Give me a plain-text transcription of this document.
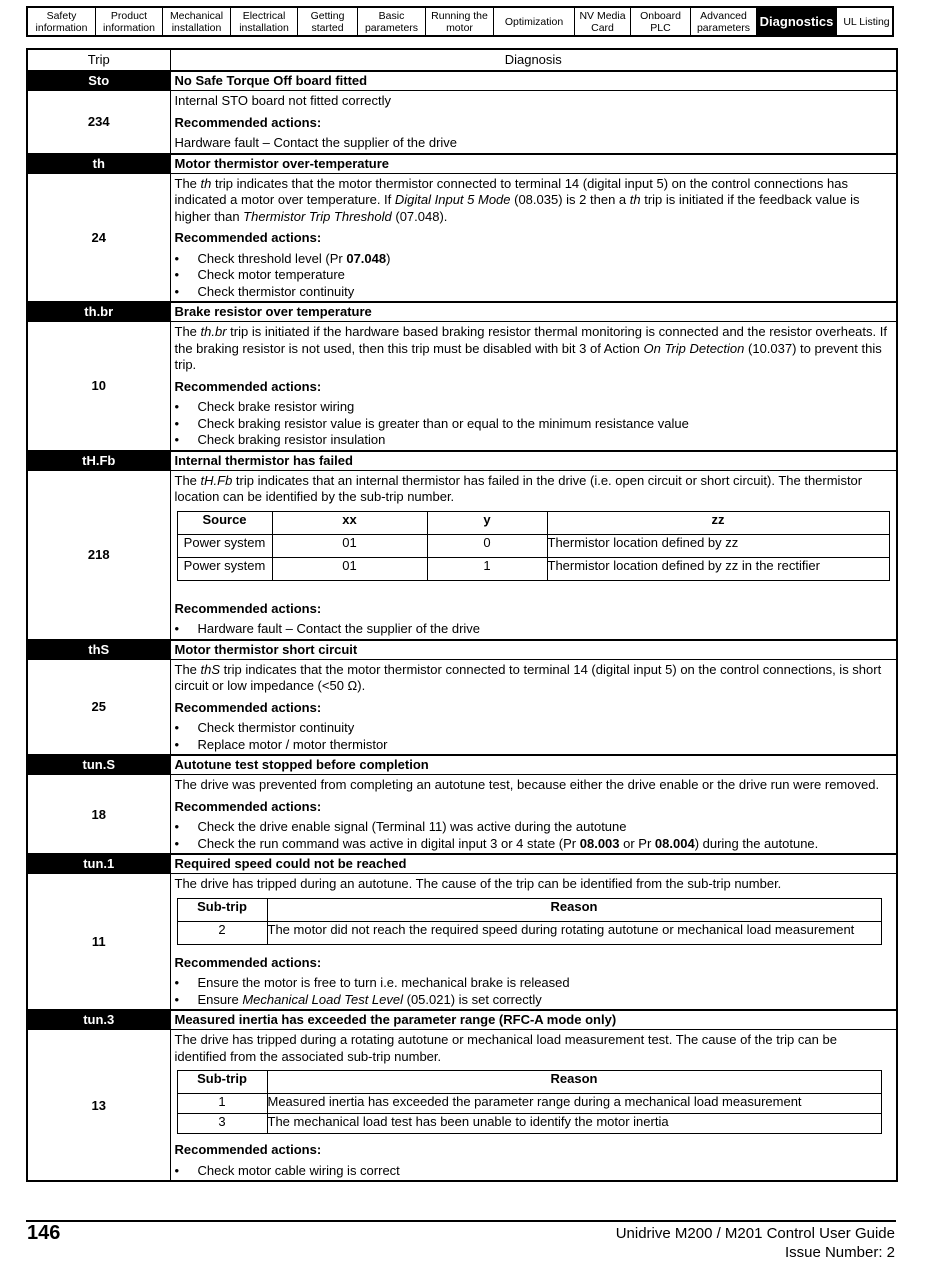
Safety
information
Product
information
Mechanical
installation
Electrical
installation
Getting
started
Basic
parameters
Running the
motor	Optimization	NV Media
Card
Onboard
PLC
Advanced
parameters Diagnostics UL Listing
Trip	Diagnosis
Sto	No Safe Torque Off board fitted
234	
Internal STO board not fitted correctly
Recommended actions:
Hardware fault – Contact the supplier of the drive

th	Motor thermistor over-temperature
24	
The th trip indicates that the motor thermistor connected to terminal 14 (digital input 5) on the control connections has indicated a motor over temperature. If Digital Input 5 Mode (08.035) is 2 then a th trip is initiated if the feedback value is higher than Thermistor Trip Threshold (07.048).
Recommended actions:
• Check threshold level (Pr 07.048)
• Check motor temperature
• Check thermistor continuity

th.br	Brake resistor over temperature
10	
The th.br trip is initiated if the hardware based braking resistor thermal monitoring is connected and the resistor overheats. If the braking resistor is not used, then this trip must be disabled with bit 3 of Action On Trip Detection (10.037) to prevent this trip.
Recommended actions:
• Check brake resistor wiring
• Check braking resistor value is greater than or equal to the minimum resistance value
• Check braking resistor insulation

tH.Fb	Internal thermistor has failed
218	
The tH.Fb trip indicates that an internal thermistor has failed in the drive (i.e. open circuit or short circuit). The thermistor location can be identified by the sub-trip number.
Source	xx	y	zz
Power system	01	0	Thermistor location defined by zz
Power system	01	1	Thermistor location defined by zz in the rectifier
Recommended actions:
• Hardware fault – Contact the supplier of the drive

thS	Motor thermistor short circuit
25	
The thS trip indicates that the motor thermistor connected to terminal 14 (digital input 5) on the control connections, is short circuit or low impedance (<50 Ω).
Recommended actions:
• Check thermistor continuity
• Replace motor / motor thermistor

tun.S	Autotune test stopped before completion
18	
The drive was prevented from completing an autotune test, because either the drive enable or the drive run were removed.
Recommended actions:
• Check the drive enable signal (Terminal 11) was active during the autotune
• Check the run command was active in digital input 3 or 4 state (Pr 08.003 or Pr 08.004) during the autotune.

tun.1	Required speed could not be reached
11	
The drive has tripped during an autotune. The cause of the trip can be identified from the sub-trip number.
Sub-trip	Reason
2	The motor did not reach the required speed during rotating autotune or mechanical load measurement
Recommended actions:
• Ensure the motor is free to turn i.e. mechanical brake is released
• Ensure Mechanical Load Test Level (05.021) is set correctly

tun.3	Measured inertia has exceeded the parameter range (RFC-A mode only)
13	
The drive has tripped during a rotating autotune or mechanical load measurement test. The cause of the trip can be identified from the associated sub-trip number.
Sub-trip	Reason
1	Measured inertia has exceeded the parameter range during a mechanical load measurement
3	The mechanical load test has been unable to identify the motor inertia
Recommended actions:
• Check motor cable wiring is correct
146	Unidrive M200 / M201 Control User Guide
Issue Number: 2
